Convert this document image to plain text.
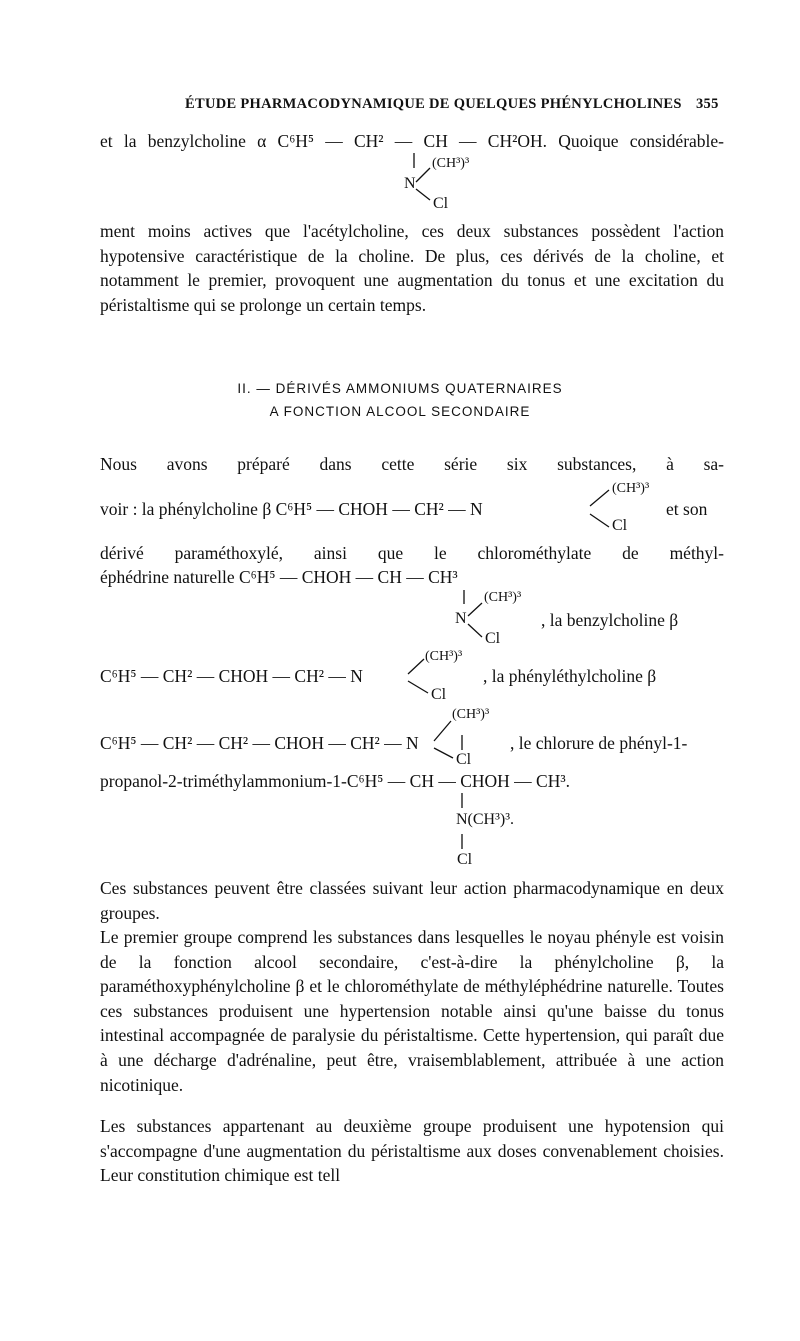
ÉTUDE PHARMACODYNAMIQUE DE QUELQUES PHÉNYLCHOLINES 355
et la benzylcholine α C⁶H⁵ — CH² — CH — CH²OH. Quoique considérable-
(CH³)³
N
Cl
ment moins actives que l'acétylcholine, ces deux substances possèdent l'action hypotensive caractéristique de la choline. De plus, ces dérivés de la choline, et notamment le premier, provoquent une augmentation du tonus et une excitation du péristaltisme qui se prolonge un certain temps.
II. — DÉRIVÉS AMMONIUMS QUATERNAIRES
A FONCTION ALCOOL SECONDAIRE
Nous avons préparé dans cette série six substances, à sa-
(CH³)³
voir : la phénylcholine β C⁶H⁵ — CHOH — CH² — N	et son
Cl
dérivé paraméthoxylé, ainsi que le chlorométhylate de méthyl-
éphédrine naturelle C⁶H⁵ — CHOH — CH — CH³
(CH³)³
N	, la benzylcholine β
Cl
(CH³)³
C⁶H⁵ — CH² — CHOH — CH² — N	, la phényléthylcholine β
Cl
(CH³)³
C⁶H⁵ — CH² — CH² — CHOH — CH² — N	, le chlorure de phényl-1-
Cl
propanol-2-triméthylammonium-1-C⁶H⁵ — CH — CHOH — CH³.
N(CH³)³.
Cl
Ces substances peuvent être classées suivant leur action pharmacodynamique en deux groupes.
Le premier groupe comprend les substances dans lesquelles le noyau phényle est voisin de la fonction alcool secondaire, c'est-à-dire la phénylcholine β, la paraméthoxyphénylcholine β et le chlorométhylate de méthyléphédrine naturelle. Toutes ces substances produisent une hypertension notable ainsi qu'une baisse du tonus intestinal accompagnée de paralysie du péristaltisme. Cette hypertension, qui paraît due à une décharge d'adrénaline, peut être, vraisemblablement, attribuée à une action nicotinique.
Les substances appartenant au deuxième groupe produisent une hypotension qui s'accompagne d'une augmentation du péristaltisme aux doses convenablement choisies. Leur constitution chimique est tell
